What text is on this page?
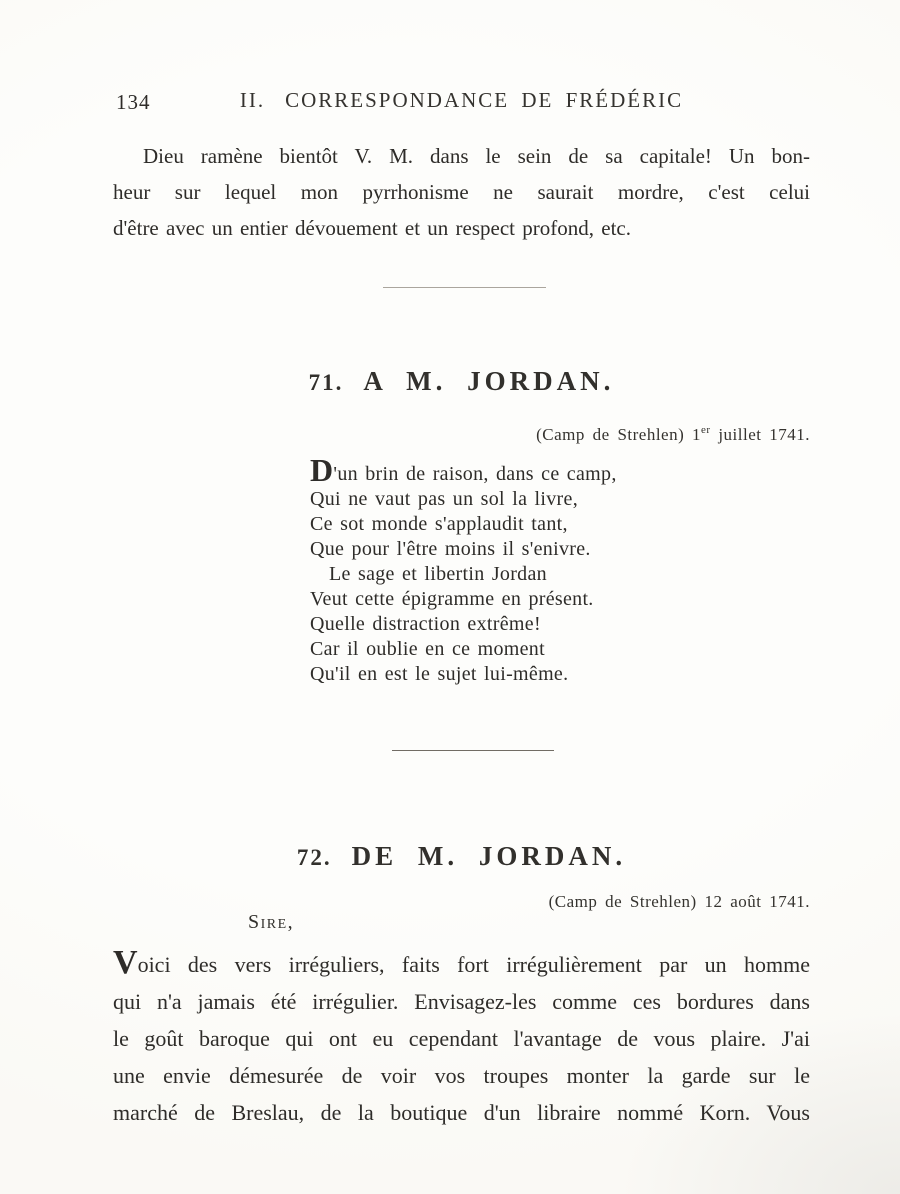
134	II. CORRESPONDANCE DE FRÉDÉRIC
Dieu ramène bientôt V. M. dans le sein de sa capitale! Un bon-
heur sur lequel mon pyrrhonisme ne saurait mordre, c'est celui
d'être avec un entier dévouement et un respect profond, etc.
71. A M. JORDAN.
(Camp de Strehlen) 1er juillet 1741.
D'un brin de raison, dans ce camp,
Qui ne vaut pas un sol la livre,
Ce sot monde s'applaudit tant,
Que pour l'être moins il s'enivre.
Le sage et libertin Jordan
Veut cette épigramme en présent.
Quelle distraction extrême!
Car il oublie en ce moment
Qu'il en est le sujet lui-même.
72. DE M. JORDAN.
(Camp de Strehlen) 12 août 1741.
Sire,
Voici des vers irréguliers, faits fort irrégulièrement par un homme
qui n'a jamais été irrégulier. Envisagez-les comme ces bordures dans
le goût baroque qui ont eu cependant l'avantage de vous plaire. J'ai
une envie démesurée de voir vos troupes monter la garde sur le
marché de Breslau, de la boutique d'un libraire nommé Korn. Vous
